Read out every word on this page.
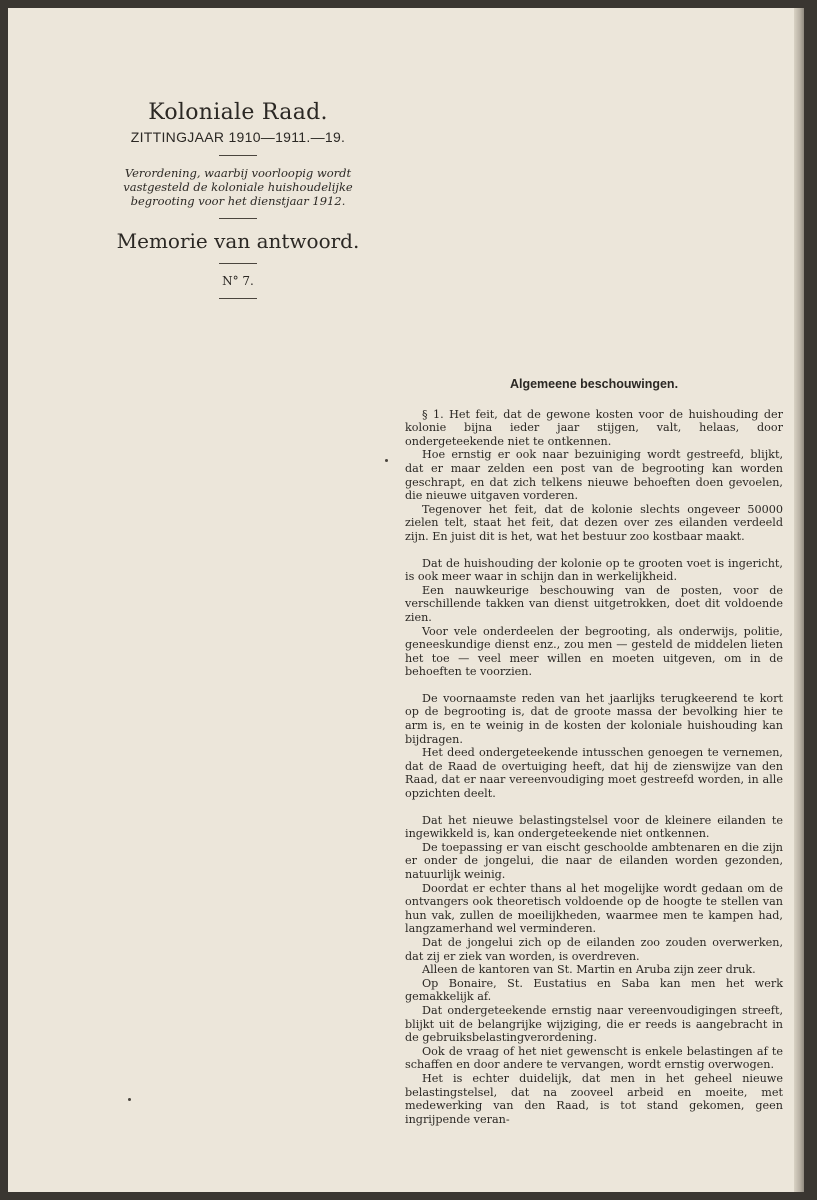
Koloniale Raad.
ZITTINGJAAR 1910—1911.—19.
Verordening, waarbij voorloopig wordt vastgesteld de koloniale huishoudelijke begrooting voor het dienstjaar 1912.
Memorie van antwoord.
N° 7.
Algemeene beschouwingen.

§ 1. Het feit, dat de gewone kosten voor de huishouding der kolonie bijna ieder jaar stijgen, valt, helaas, door ondergeteekende niet te ontkennen.

Hoe ernstig er ook naar bezuiniging wordt gestreefd, blijkt, dat er maar zelden een post van de begrooting kan worden geschrapt, en dat zich telkens nieuwe behoeften doen gevoelen, die nieuwe uitgaven vorderen.

Tegenover het feit, dat de kolonie slechts ongeveer 50000 zielen telt, staat het feit, dat dezen over zes eilanden verdeeld zijn. En juist dit is het, wat het bestuur zoo kostbaar maakt.

Dat de huishouding der kolonie op te grooten voet is ingericht, is ook meer waar in schijn dan in werkelijkheid.

Een nauwkeurige beschouwing van de posten, voor de verschillende takken van dienst uitgetrokken, doet dit voldoende zien.

Voor vele onderdeelen der begrooting, als onderwijs, politie, geneeskundige dienst enz., zou men — gesteld de middelen lieten het toe — veel meer willen en moeten uitgeven, om in de behoeften te voorzien.

De voornaamste reden van het jaarlijks terugkeerend te kort op de begrooting is, dat de groote massa der bevolking hier te arm is, en te weinig in de kosten der koloniale huishouding kan bijdragen.

Het deed ondergeteekende intusschen genoegen te vernemen, dat de Raad de overtuiging heeft, dat hij de zienswijze van den Raad, dat er naar vereenvoudiging moet gestreefd worden, in alle opzichten deelt.

Dat het nieuwe belastingstelsel voor de kleinere eilanden te ingewikkeld is, kan ondergeteekende niet ontkennen.

De toepassing er van eischt geschoolde ambtenaren en die zijn er onder de jongelui, die naar de eilanden worden gezonden, natuurlijk weinig.

Doordat er echter thans al het mogelijke wordt gedaan om de ontvangers ook theoretisch voldoende op de hoogte te stellen van hun vak, zullen de moeilijkheden, waarmee men te kampen had, langzamerhand wel verminderen.

Dat de jongelui zich op de eilanden zoo zouden overwerken, dat zij er ziek van worden, is overdreven.

Alleen de kantoren van St. Martin en Aruba zijn zeer druk.

Op Bonaire, St. Eustatius en Saba kan men het werk gemakkelijk af.

Dat ondergeteekende ernstig naar vereenvoudigingen streeft, blijkt uit de belangrijke wijziging, die er reeds is aangebracht in de gebruiksbelastingverordening.

Ook de vraag of het niet gewenscht is enkele belastingen af te schaffen en door andere te vervangen, wordt ernstig overwogen.

Het is echter duidelijk, dat men in het geheel nieuwe belastingstelsel, dat na zooveel arbeid en moeite, met medewerking van den Raad, is tot stand gekomen, geen ingrijpende veran-
